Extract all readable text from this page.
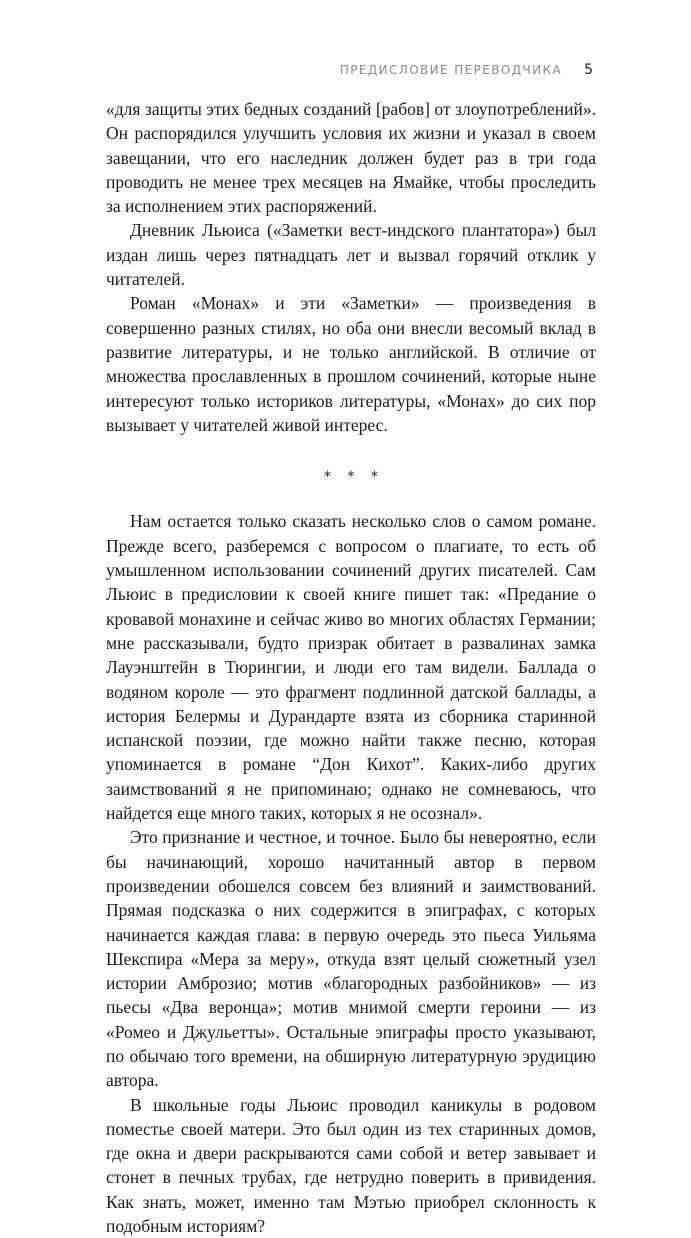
ПРЕДИСЛОВИЕ ПЕРЕВОДЧИКА 5

«для защиты этих бедных созданий [рабов] от злоупотреблений». Он распорядился улучшить условия их жизни и указал в своем завещании, что его наследник должен будет раз в три года проводить не менее трех месяцев на Ямайке, чтобы проследить за исполнением этих распоряжений.

Дневник Льюиса («Заметки вест-индского плантатора») был издан лишь через пятнадцать лет и вызвал горячий отклик у читателей.

Роман «Монах» и эти «Заметки» — произведения в совершенно разных стилях, но оба они внесли весомый вклад в развитие литературы, и не только английской. В отличие от множества прославленных в прошлом сочинений, которые ныне интересуют только историков литературы, «Монах» до сих пор вызывает у читателей живой интерес.

* * *

Нам остается только сказать несколько слов о самом романе. Прежде всего, разберемся с вопросом о плагиате, то есть об умышленном использовании сочинений других писателей. Сам Льюис в предисловии к своей книге пишет так: «Предание о кровавой монахине и сейчас живо во многих областях Германии; мне рассказывали, будто призрак обитает в развалинах замка Лауэнштейн в Тюрингии, и люди его там видели. Баллада о водяном короле — это фрагмент подлинной датской баллады, а история Белермы и Дурандарте взята из сборника старинной испанской поэзии, где можно найти также песню, которая упоминается в романе “Дон Кихот”. Каких-либо других заимствований я не припоминаю; однако не сомневаюсь, что найдется еще много таких, которых я не осознал».

Это признание и честное, и точное. Было бы невероятно, если бы начинающий, хорошо начитанный автор в первом произведении обошелся совсем без влияний и заимствований. Прямая подсказка о них содержится в эпиграфах, с которых начинается каждая глава: в первую очередь это пьеса Уильяма Шекспира «Мера за меру», откуда взят целый сюжетный узел истории Амброзио; мотив «благородных разбойников» — из пьесы «Два веронца»; мотив мнимой смерти героини — из «Ромео и Джульетты». Остальные эпиграфы просто указывают, по обычаю того времени, на обширную литературную эрудицию автора.

В школьные годы Льюис проводил каникулы в родовом поместье своей матери. Это был один из тех старинных домов, где окна и двери раскрываются сами собой и ветер завывает и стонет в печных трубах, где нетрудно поверить в привидения. Как знать, может, именно там Мэтью приобрел склонность к подобным историям?
